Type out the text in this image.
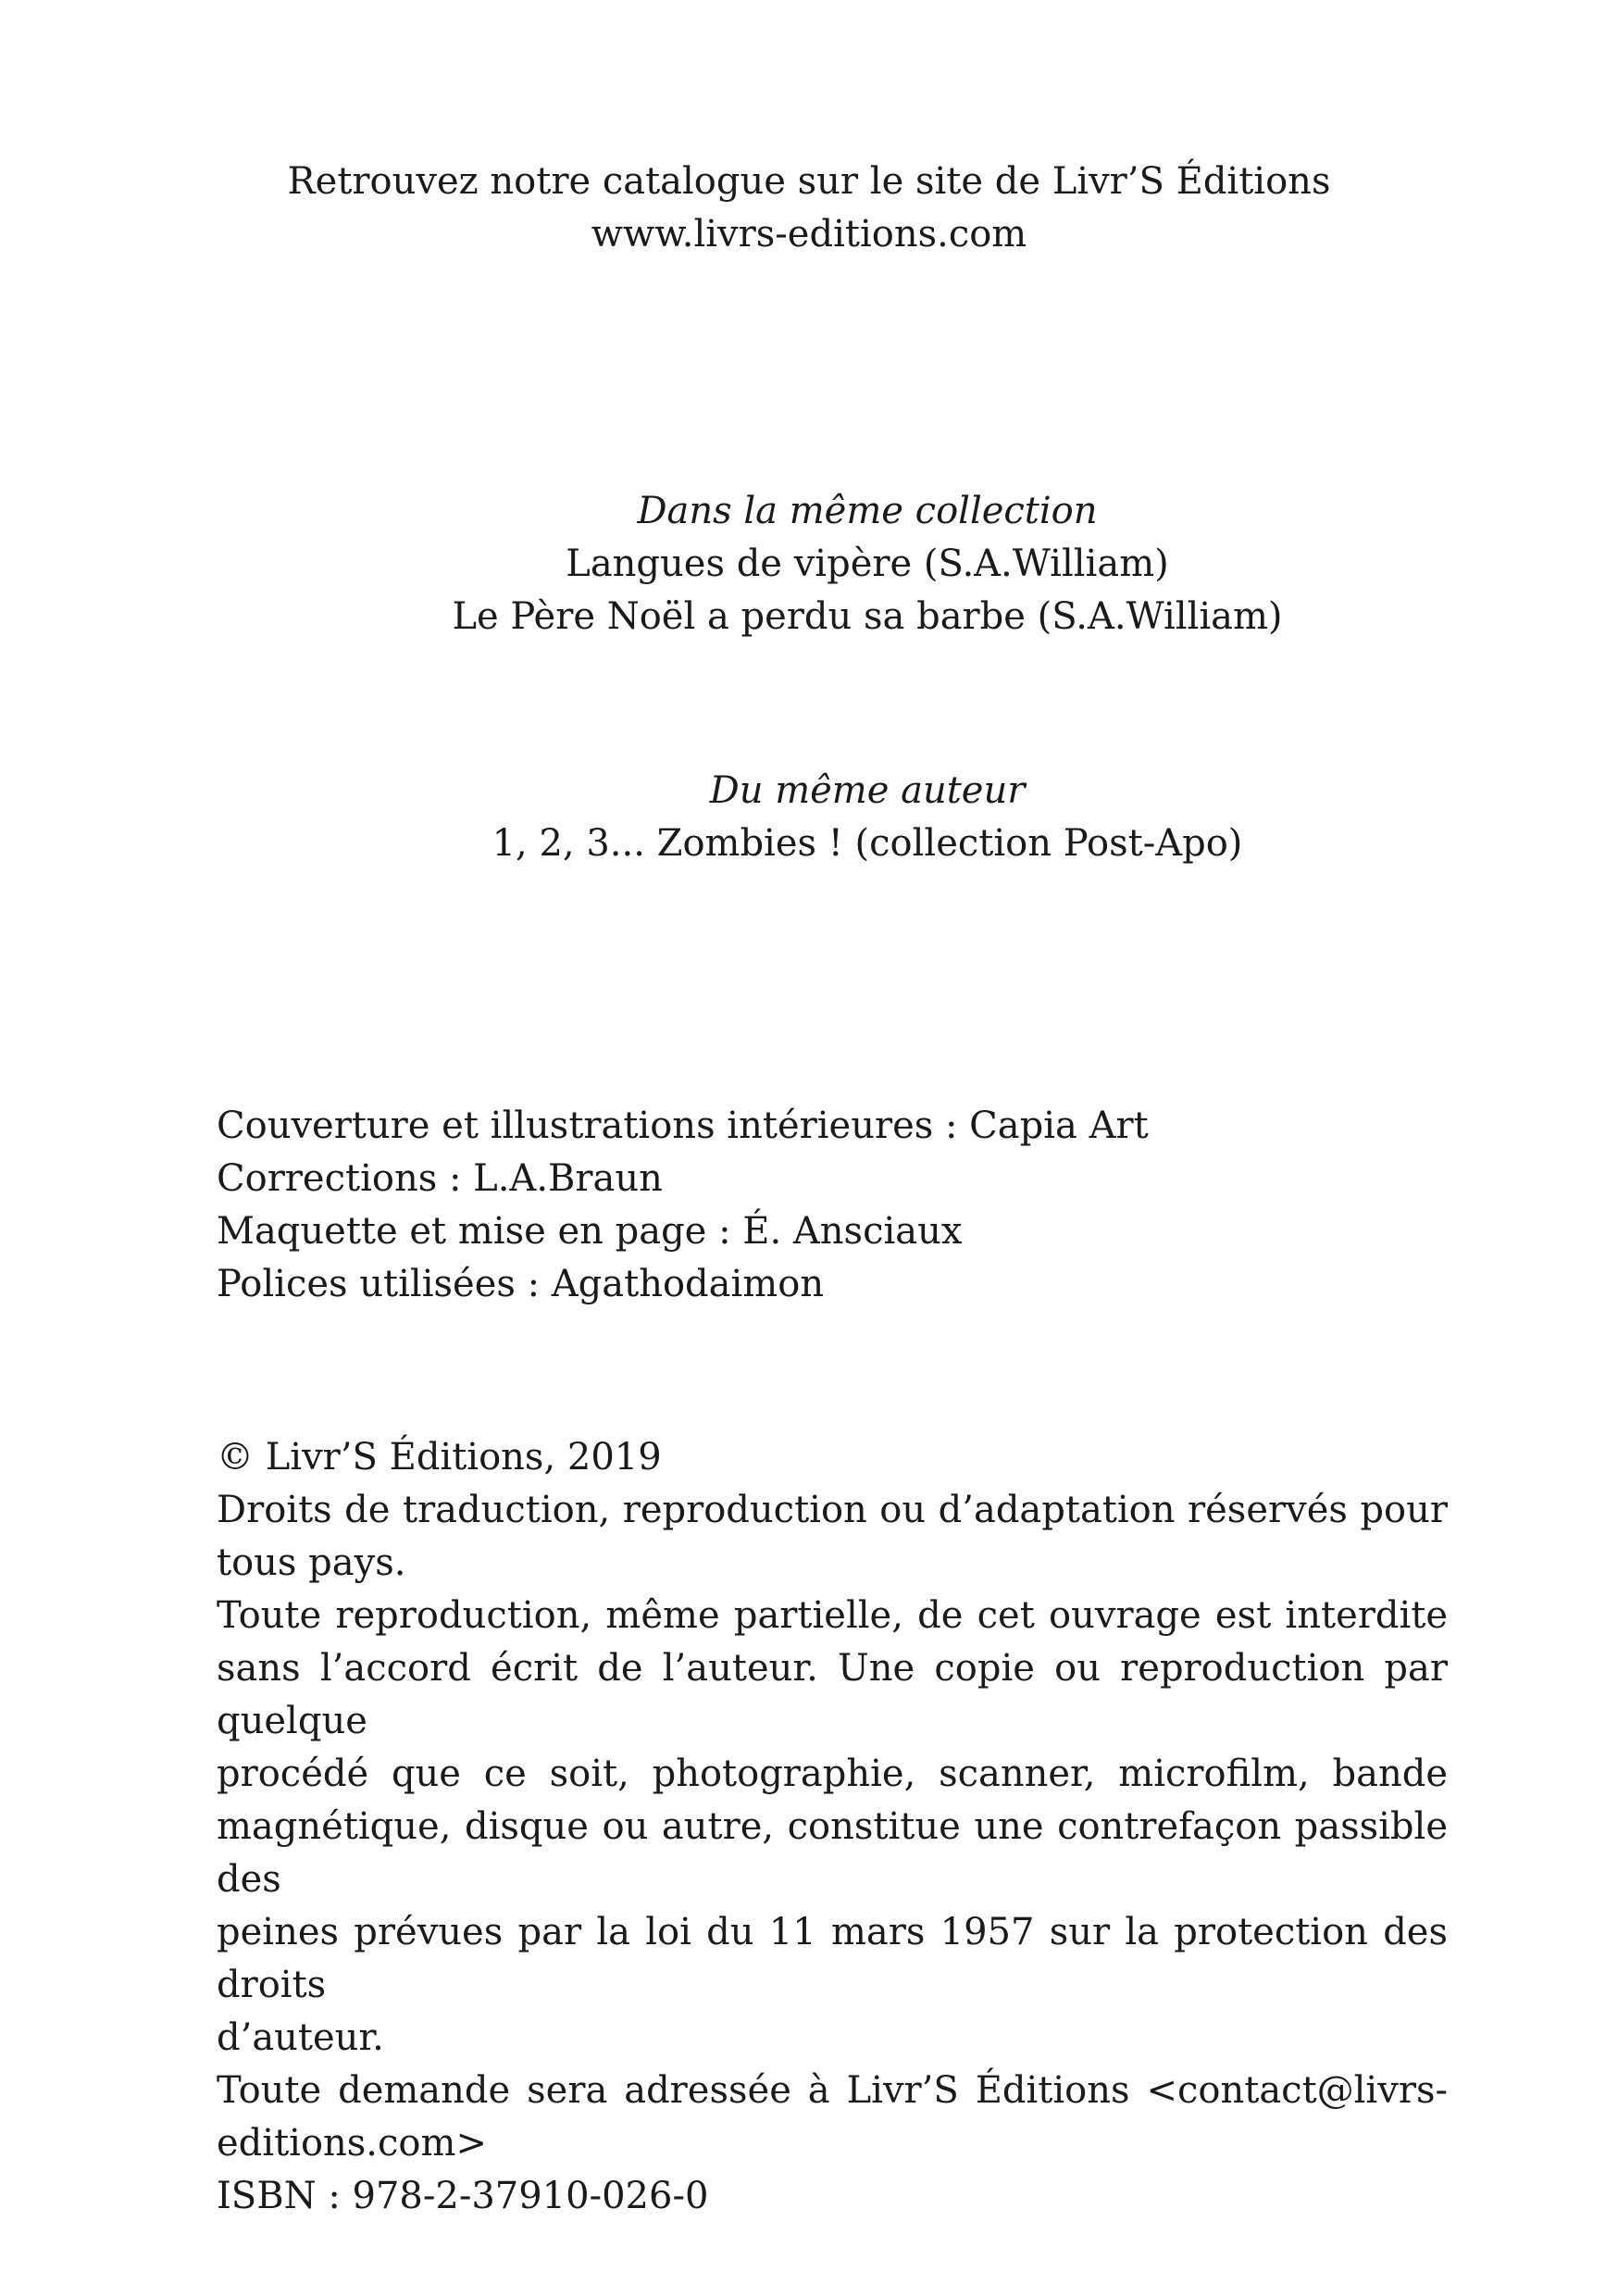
Retrouvez notre catalogue sur le site de Livr’S Éditions
www.livrs-editions.com
Dans la même collection
Langues de vipère (S.A.William)
Le Père Noël a perdu sa barbe (S.A.William)
Du même auteur
1, 2, 3... Zombies ! (collection Post-Apo)
Couverture et illustrations intérieures : Capia Art
Corrections : L.A.Braun
Maquette et mise en page : É. Ansciaux
Polices utilisées : Agathodaimon
© Livr’S Éditions, 2019
Droits de traduction, reproduction ou d’adaptation réservés pour
tous pays.
Toute reproduction, même partielle, de cet ouvrage est interdite
sans l’accord écrit de l’auteur. Une copie ou reproduction par quelque
procédé que ce soit, photographie, scanner, microfilm, bande
magnétique, disque ou autre, constitue une contrefaçon passible des
peines prévues par la loi du 11 mars 1957 sur la protection des droits
d’auteur.
Toute demande sera adressée à Livr’S Éditions <contact@livrs-
editions.com>
ISBN : 978-2-37910-026-0
